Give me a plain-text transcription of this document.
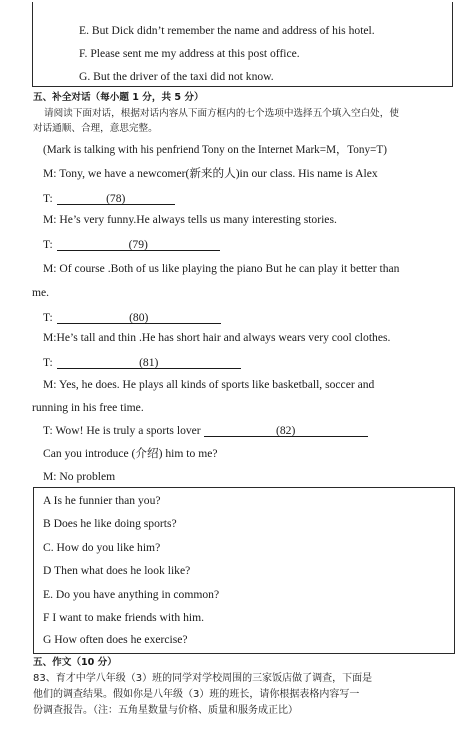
E. But Dick didn’t remember the name and address of his hotel.
F. Please sent me my address at this post office.
G. But the driver of the taxi did not know.
五、补全对话（每小题 1 分，共 5 分）
请阅读下面对话，根据对话内容从下面方框内的七个选项中选择五个填入空白处，使
对话通顺、合理，意思完整。
(Mark is talking with his penfriend Tony on the Internet Mark=M，Tony=T)
M: Tony, we have a newcomer(新来的人)in our class. His name is Alex
T:	(78)
M: He’s very funny.He always tells us many interesting stories.
T:	(79)
M: Of course .Both of us like playing the piano But he can play it better than
me.
T:	(80)
M:He’s tall and thin .He has short hair and always wears very cool clothes.
T:	(81)
M: Yes, he does. He plays all kinds of sports like basketball, soccer and
running in his free time.
T: Wow! He is truly a sports lover	(82)
Can you introduce (介绍) him to me?
M: No problem
A Is he funnier than you?
B Does he like doing sports?
C. How do you like him?
D Then what does he look like?
E. Do you have anything in common?
F I want to make friends with him.
G How often does he exercise?
五、作文（10 分）
83、育才中学八年级（3）班的同学对学校周围的三家饭店做了调查，下面是
他们的调查结果。假如你是八年级（3）班的班长，请你根据表格内容写一
份调查报告。（注：五角星数量与价格、质量和服务成正比）
